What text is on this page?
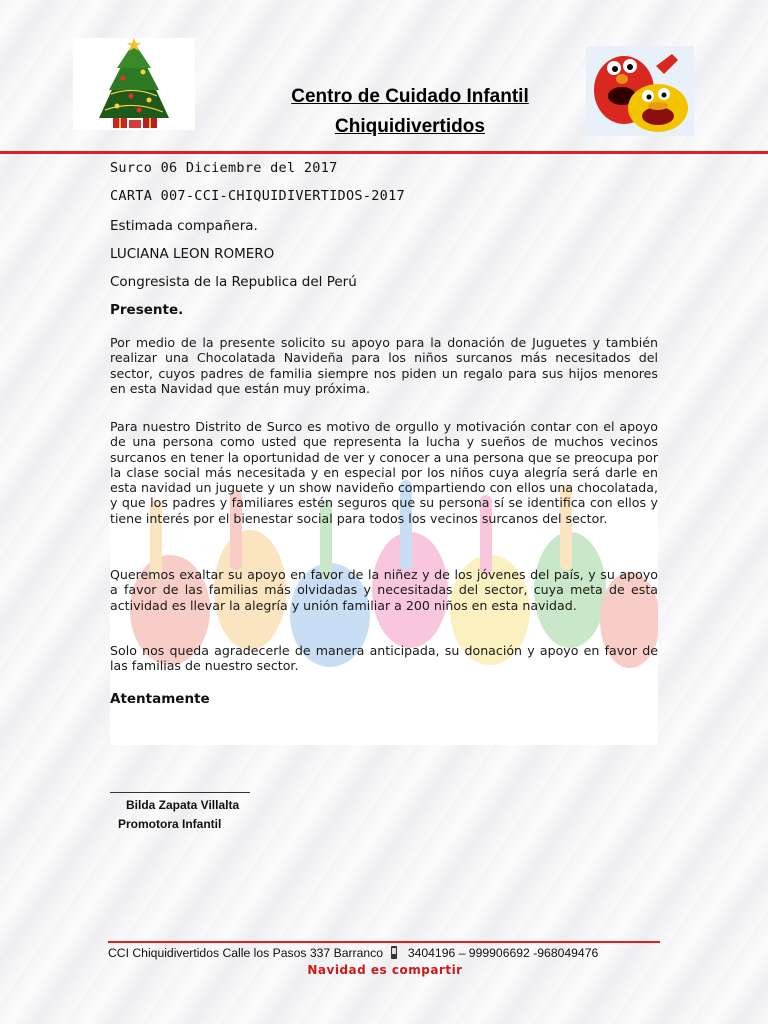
Centro de Cuidado Infantil
Chiquidivertidos
Surco 06 Diciembre del 2017
CARTA 007-CCI-CHIQUIDIVERTIDOS-2017
Estimada compañera.
LUCIANA LEON ROMERO
Congresista de la Republica del Perú
Presente.
Por medio de la presente solicito su apoyo para la donación de Juguetes y también realizar una Chocolatada Navideña para los niños surcanos más necesitados del sector, cuyos padres de familia siempre nos piden un regalo para sus hijos menores en esta Navidad que están muy próxima.
Para nuestro Distrito de Surco es motivo de orgullo y motivación contar con el apoyo de una persona como usted que representa la lucha y sueños de muchos vecinos surcanos en tener la oportunidad de ver y conocer a una persona que se preocupa por la clase social más necesitada y en especial por los niños cuya alegría será darle en esta navidad un juguete y un show navideño compartiendo con ellos una chocolatada, y que los padres y familiares estén seguros que su persona sí se identifica con ellos y tiene interés por el bienestar social para todos los vecinos surcanos del sector.
Queremos exaltar su apoyo en favor de la niñez y de los jóvenes del país, y su apoyo a favor de las familias más olvidadas y necesitadas del sector, cuya meta de esta actividad es llevar la alegría y unión familiar a 200 niños en esta navidad.
Solo nos queda agradecerle de manera anticipada, su donación y apoyo en favor de las familias de nuestro sector.
Atentamente
Bilda Zapata Villalta
Promotora Infantil
CCI Chiquidivertidos Calle los Pasos 337 Barranco 3404196 – 999906692 -968049476
Navidad es compartir
